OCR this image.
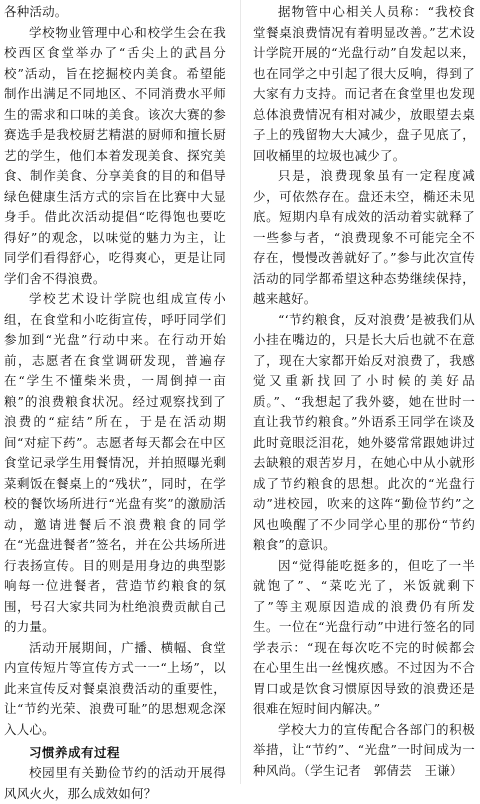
各种活动。

学校物业管理中心和校学生会在我校西区食堂举办了“舌尖上的武昌分校”活动，旨在挖掘校内美食。希望能制作出满足不同地区、不同消费水平师生的需求和口味的美食。该次大赛的参赛选手是我校厨艺精湛的厨师和擅长厨艺的学生，他们本着发现美食、探究美食、制作美食、分享美食的目的和倡导绿色健康生活方式的宗旨在比赛中大显身手。借此次活动提倡“吃得饱也要吃得好”的观念，以味觉的魅力为主，让同学们看得舒心，吃得爽心，更是让同学们舍不得浪费。

学校艺术设计学院也组成宣传小组，在食堂和小吃街宣传，呼吁同学们参加到“光盘”行动中来。在行动开始前，志愿者在食堂调研发现，普遍存在“学生不懂柴米贵，一周倒掉一亩粮”的浪费粮食状况。经过观察找到了浪费的“症结”所在，于是在活动期间“对症下药”。志愿者每天都会在中区食堂记录学生用餐情况，并拍照曝光剩菜剩饭在餐桌上的“残状”，同时，在学校的餐饮场所进行“光盘有奖”的激励活动，邀请进餐后不浪费粮食的同学在“光盘进餐者”签名，并在公共场所进行表扬宣传。目的则是用身边的典型影响每一位进餐者，营造节约粮食的氛围，号召大家共同为杜绝浪费贡献自己的力量。

活动开展期间，广播、横幅、食堂内宣传短片等宣传方式一一“上场”，以此来宣传反对餐桌浪费活动的重要性，让“节约光荣、浪费可耻”的思想观念深入人心。

习惯养成有过程

校园里有关勤俭节约的活动开展得风风火火，那么成效如何？

据物管中心相关人员称：“我校食堂餐桌浪费情况有着明显改善。”艺术设计学院开展的“光盘行动”自发起以来，也在同学之中引起了很大反响，得到了大家有力支持。而记者在食堂里也发现总体浪费情况有相对减少，放眼望去桌子上的残留物大大减少，盘子见底了，回收桶里的垃圾也减少了。

只是，浪费现象虽有一定程度减少，可依然存在。盘还未空，椭还未见底。短期内阜有成效的活动着实就释了一些参与者，“浪费现象不可能完全不存在，慢慢改善就好了。”参与此次宣传活动的同学都希望这种态势继续保持，越来越好。

“‘节约粮食，反对浪费’是被我们从小挂在嘴边的，只是长大后也就不在意了，现在大家都开始反对浪费了，我感觉又重新找回了小时候的美好品质。”、“我想起了我外婆，她在世时一直让我节约粮食。”外语系王同学在谈及此时竟眼泛泪花，她外婆常常跟她讲过去缺粮的艰苦岁月，在她心中从小就形成了节约粮食的思想。此次的“光盘行动”进校园，吹来的这阵“勤俭节约”之风也唤醒了不少同学心里的那份“节约粮食”的意识。

因“觉得能吃挺多的，但吃了一半就饱了”、“菜吃光了，米饭就剩下了”等主观原因造成的浪费仍有所发生。一位在“光盘行动”中进行签名的同学表示：“现在每次吃不完的时候都会在心里生出一丝愧疚感。不过因为不合胃口或是饮食习惯原因导致的浪费还是很难在短时间内解决。”

学校大力的宣传配合各部门的积极举措，让“节约”、“光盘”一时间成为一种风尚。（学生记者　郭倩芸　王谦）
